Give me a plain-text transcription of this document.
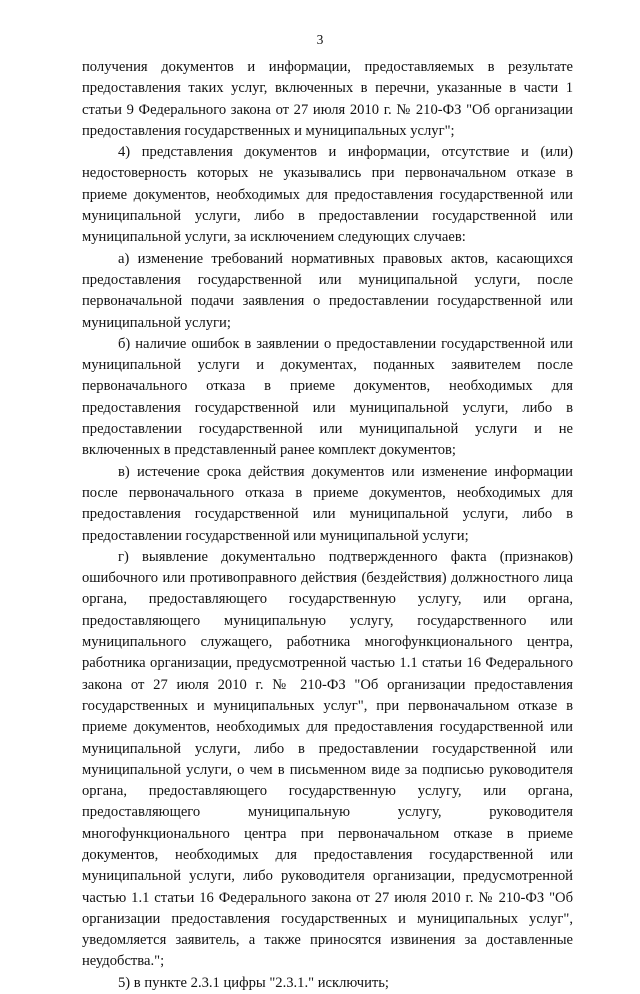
3

получения документов и информации, предоставляемых в результате предоставления таких услуг, включенных в перечни, указанные в части 1 статьи 9 Федерального закона от 27 июля 2010 г. № 210-ФЗ "Об организации предоставления государственных и муниципальных услуг";

4) представления документов и информации, отсутствие и (или) недостоверность которых не указывались при первоначальном отказе в приеме документов, необходимых для предоставления государственной или муниципальной услуги, либо в предоставлении государственной или муниципальной услуги, за исключением следующих случаев:

а) изменение требований нормативных правовых актов, касающихся предоставления государственной или муниципальной услуги, после первоначальной подачи заявления о предоставлении государственной или муниципальной услуги;

б) наличие ошибок в заявлении о предоставлении государственной или муниципальной услуги и документах, поданных заявителем после первоначального отказа в приеме документов, необходимых для предоставления государственной или муниципальной услуги, либо в предоставлении государственной или муниципальной услуги и не включенных в представленный ранее комплект документов;

в) истечение срока действия документов или изменение информации после первоначального отказа в приеме документов, необходимых для предоставления государственной или муниципальной услуги, либо в предоставлении государственной или муниципальной услуги;

г) выявление документально подтвержденного факта (признаков) ошибочного или противоправного действия (бездействия) должностного лица органа, предоставляющего государственную услугу, или органа, предоставляющего муниципальную услугу, государственного или муниципального служащего, работника многофункционального центра, работника организации, предусмотренной частью 1.1 статьи 16 Федерального закона от 27 июля 2010 г. № 210-ФЗ "Об организации предоставления государственных и муниципальных услуг", при первоначальном отказе в приеме документов, необходимых для предоставления государственной или муниципальной услуги, либо в предоставлении государственной или муниципальной услуги, о чем в письменном виде за подписью руководителя органа, предоставляющего государственную услугу, или органа, предоставляющего муниципальную услугу, руководителя многофункционального центра при первоначальном отказе в приеме документов, необходимых для предоставления государственной или муниципальной услуги, либо руководителя организации, предусмотренной частью 1.1 статьи 16 Федерального закона от 27 июля 2010 г. № 210-ФЗ "Об организации предоставления государственных и муниципальных услуг", уведомляется заявитель, а также приносятся извинения за доставленные неудобства.";

5) в пункте 2.3.1 цифры "2.3.1." исключить;
